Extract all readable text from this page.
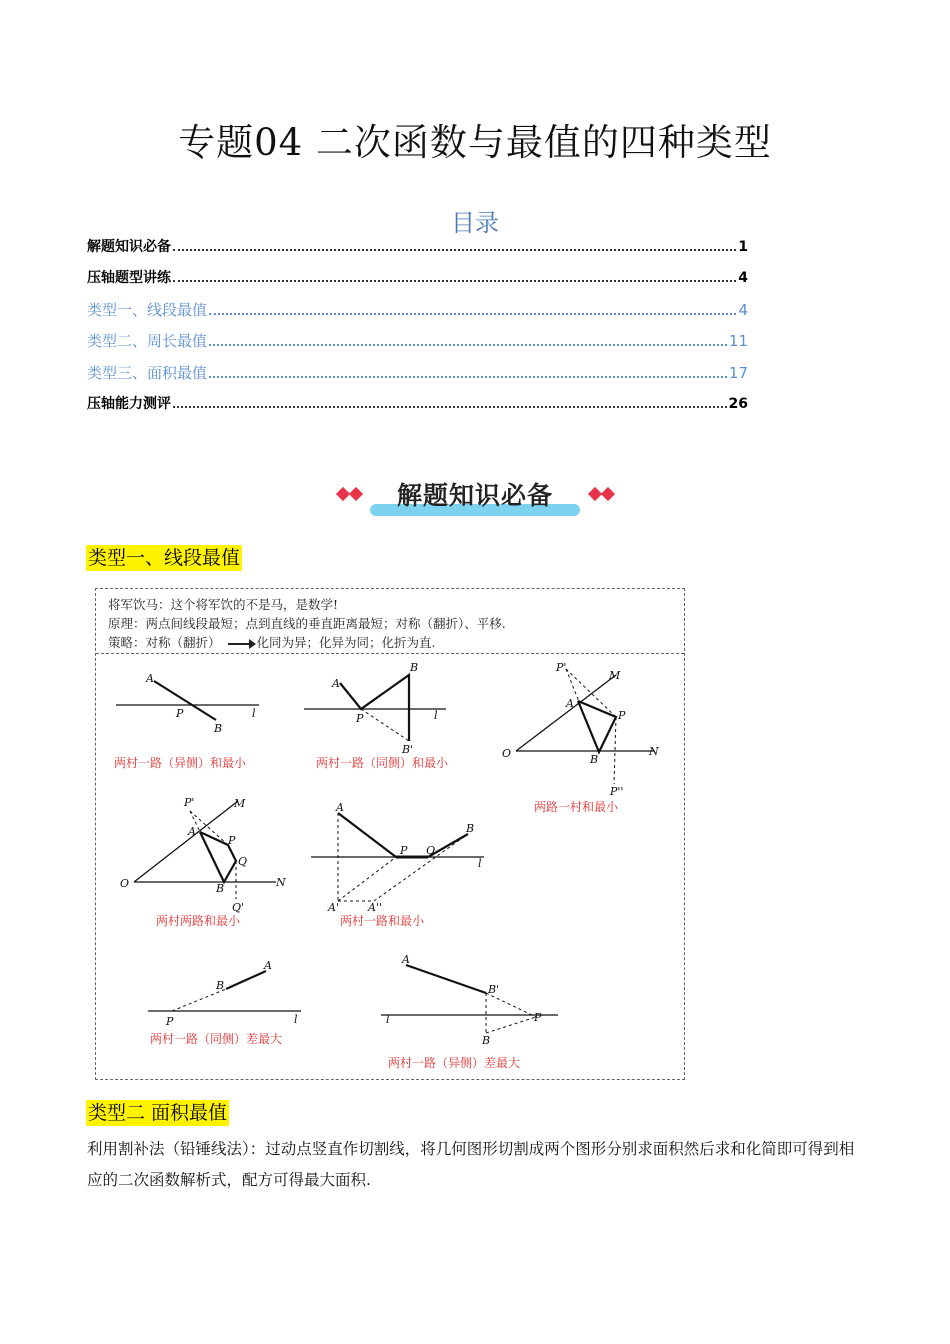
专题04 二次函数与最值的四种类型
目录
解题知识必备	1
压轴题型讲练	4
类型一、线段最值	4
类型二、周长最值	11
类型三、面积最值	17
压轴能力测评	26
解题知识必备
类型一、线段最值
将军饮马：这个将军饮的不是马，是数学!
原理：两点间线段最短；点到直线的垂直距离最短；对称（翻折）、平移.
策略：对称（翻折）	化同为异；化异为同；化折为直.
A
P
B
l
两村一路（异侧）和最小
A
P
B
B'
l
两村一路（同侧）和最小
O	N
M
P'
A
P
B
P''
两路一村和最小
O	N
M
P'
A
P
Q
B
Q'
两村两路和最小
A
P Q
B
l
A'	A''
两村一路和最小
A
B
P	l
两村一路（同侧）差最大
A
B'
P
l
B
两村一路（异侧）差最大
类型二 面积最值
利用割补法（铅锤线法）：过动点竖直作切割线，将几何图形切割成两个图形分别求面积然后求和化简即可得到相应的二次函数解析式，配方可得最大面积.
